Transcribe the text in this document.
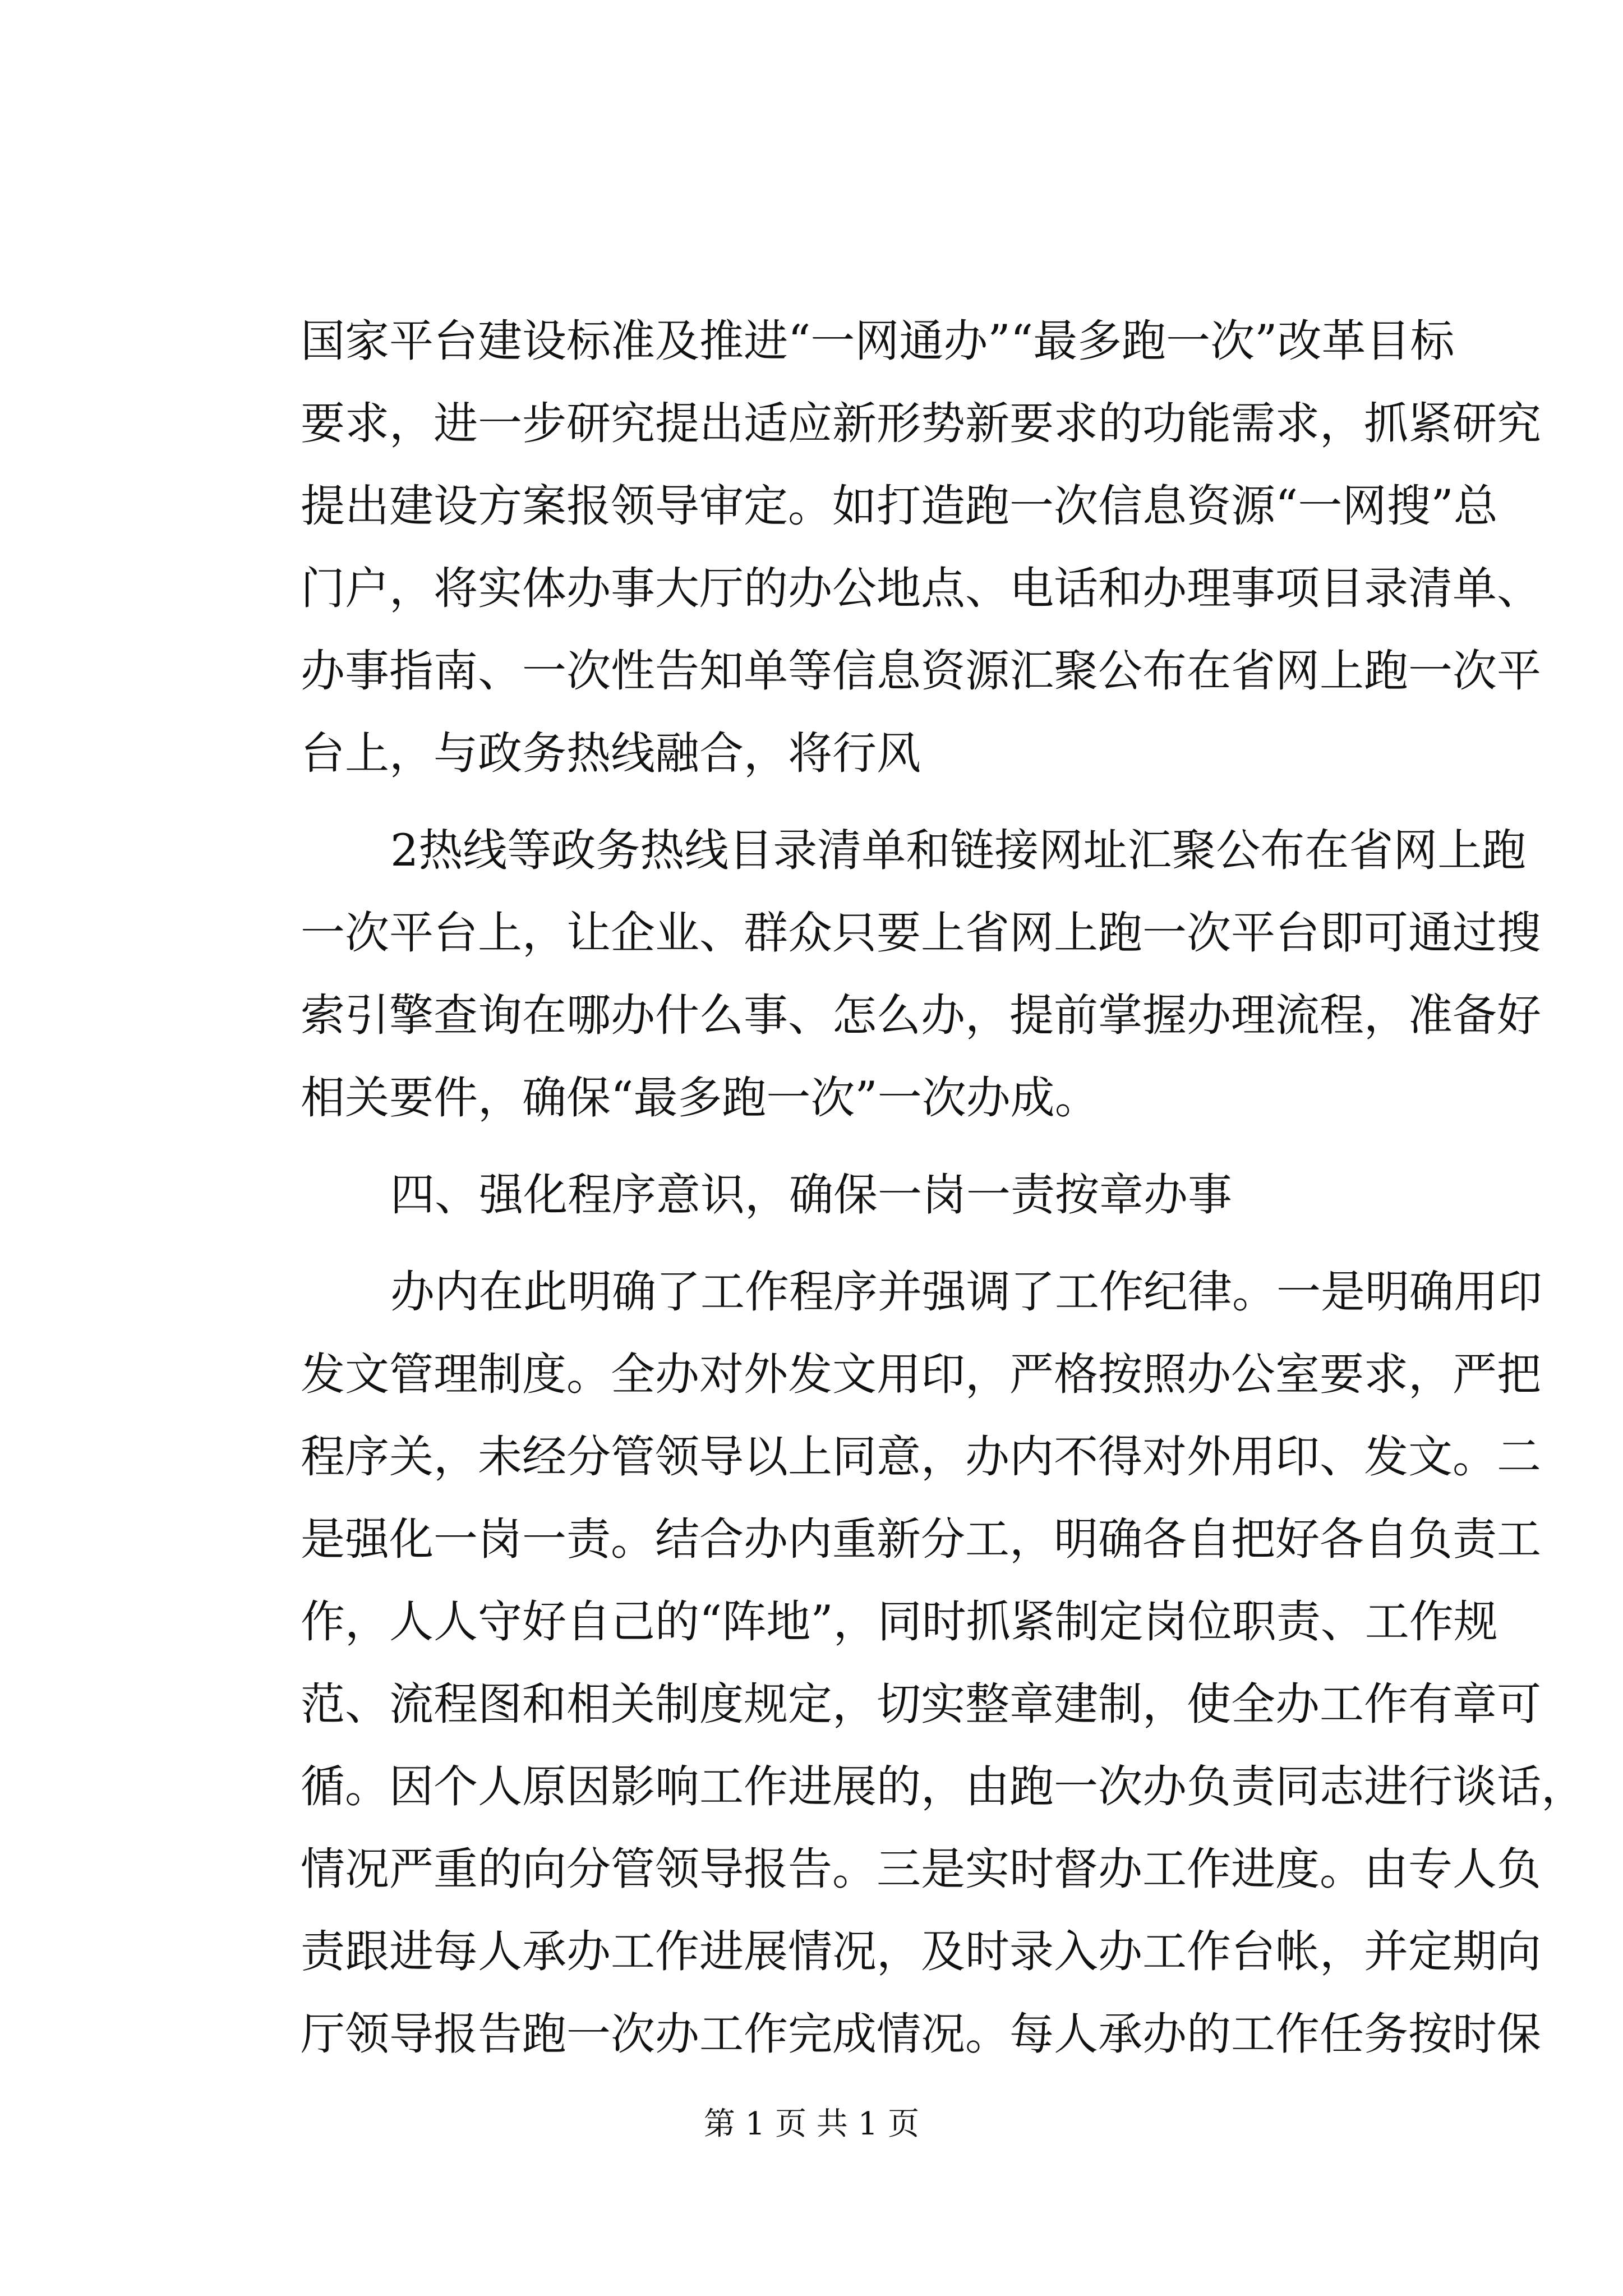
国家平台建设标准及推进“一网通办”“最多跑一次”改革目标
要求，进一步研究提出适应新形势新要求的功能需求，抓紧研究
提出建设方案报领导审定。如打造跑一次信息资源“一网搜”总
门户，将实体办事大厅的办公地点、电话和办理事项目录清单、
办事指南、一次性告知单等信息资源汇聚公布在省网上跑一次平
台上，与政务热线融合，将行风
2热线等政务热线目录清单和链接网址汇聚公布在省网上跑
一次平台上，让企业、群众只要上省网上跑一次平台即可通过搜
索引擎查询在哪办什么事、怎么办，提前掌握办理流程，准备好
相关要件，确保“最多跑一次”一次办成。
四、强化程序意识，确保一岗一责按章办事
办内在此明确了工作程序并强调了工作纪律。一是明确用印
发文管理制度。全办对外发文用印，严格按照办公室要求，严把
程序关，未经分管领导以上同意，办内不得对外用印、发文。二
是强化一岗一责。结合办内重新分工，明确各自把好各自负责工
作，人人守好自己的“阵地”，同时抓紧制定岗位职责、工作规
范、流程图和相关制度规定，切实整章建制，使全办工作有章可
循。因个人原因影响工作进展的，由跑一次办负责同志进行谈话，
情况严重的向分管领导报告。三是实时督办工作进度。由专人负
责跟进每人承办工作进展情况，及时录入办工作台帐，并定期向
厅领导报告跑一次办工作完成情况。每人承办的工作任务按时保
第 1 页 共 1 页
